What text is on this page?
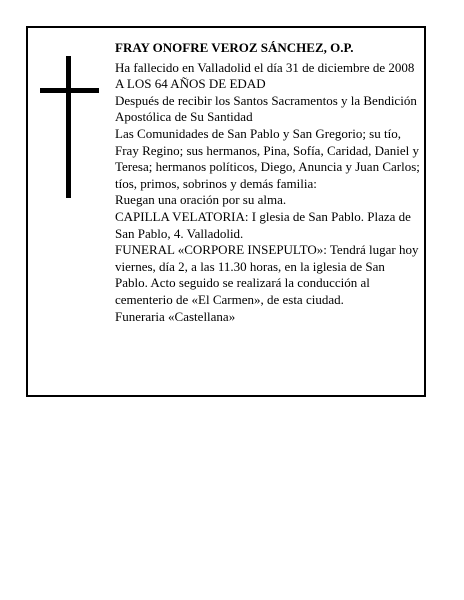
FRAY ONOFRE VEROZ SÁNCHEZ, O.P.

Ha fallecido en Valladolid el día 31 de diciembre de 2008

A LOS 64 AÑOS DE EDAD

Después de recibir los Santos Sacramentos y la Bendición Apostólica de Su Santidad

Las Comunidades de San Pablo y San Gregorio; su tío, Fray Regino; sus hermanos, Pina, Sofía, Caridad, Daniel y Teresa; hermanos políticos, Diego, Anuncia y Juan Carlos; tíos, primos, sobrinos y demás familia:

Ruegan una oración por su alma.

CAPILLA VELATORIA: I glesia de San Pablo. Plaza de San Pablo, 4. Valladolid.

FUNERAL «CORPORE INSEPULTO»: Tendrá lugar hoy viernes, día 2, a las 11.30 horas, en la iglesia de San Pablo. Acto seguido se realizará la conducción al cementerio de «El Carmen», de esta ciudad.

Funeraria «Castellana»
